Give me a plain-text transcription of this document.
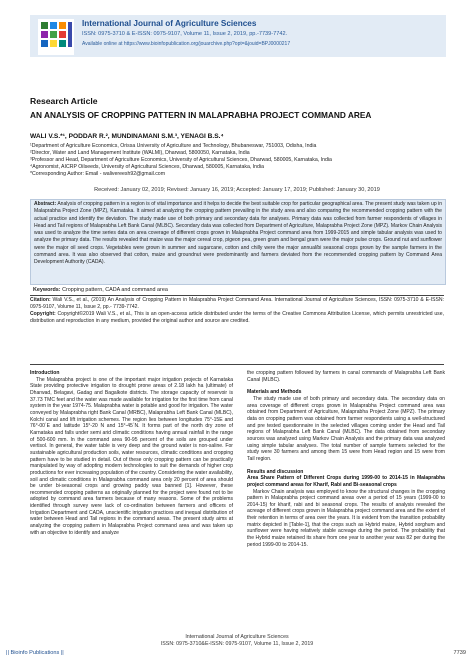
International Journal of Agriculture Sciences
ISSN: 0975-3710 & E-ISSN: 0975-9107, Volume 11, Issue 2, 2019, pp.-7739-7742.
Available online at https://www.bioinfopublication.org/jouarchive.php?opt=&jouid=BPJ0000217
Research Article
AN ANALYSIS OF CROPPING PATTERN IN MALAPRABHA PROJECT COMMAND AREA
WALI V.S.*¹, PODDAR R.², MUNDINAMANI S.M.³, YENAGI B.S.⁴
¹Department of Agriculture Economics, Orissa University of Agriculture and Technology, Bhubaneswar, 751003, Odisha, India
²Director, Water and Land Management Institute (WALMI), Dharwad, 5800050, Karnataka, India
³Professor and Head, Department of Agriculture Economics, University of Agricultural Sciences, Dharwad, 580005, Karnataka, India
⁴Agronomist, AICRP Oilseeds, University of Agricultural Sciences, Dharwad, 580005, Karnataka, India
*Corresponding Author: Email - walivereesh92@gmail.com
Received: January 02, 2019; Revised: January 16, 2019; Accepted: January 17, 2019; Published: January 30, 2019
Abstract: Analysis of cropping pattern in a region is of vital importance and it helps to decide the best suitable crop for particular geographical area. The present study was taken up in Malaprabha Project Zone (MPZ), Karnataka. It aimed at analyzing the cropping pattern prevailing in the study area and also comparing the recommended cropping pattern with the actual practice and identify the deviation. The study made use of both primary and secondary data for analyses. Primary data was collected from farmer respondents of villages in Head and Tail regions of Malaprabha Left Bank Canal (MLBC). Secondary data was collected from Department of Agriculture, Malaprabha Project Zone (MPZ). Markov Chain Analysis was used to analyze the time series data on area coverage of different crops grown in Malaprabha Project command area from 1999-2015 and simple tabular analysis was used to analyze the primary data. The results revealed that maize was the major cereal crop, pigeon pea, green gram and bengal gram were the major pulse crops. Ground nut and sunflower were the major oil seed crops. Vegetables were grown in summer and sugarcane, cotton and chilly were the major annual/bi seasonal crops grown by the sample farmers in the command area. It was also observed that cotton, maize and groundnut were predominantly and farmers deviated from the recommended cropping pattern by Command Area Development Authority (CADA).
Keywords: Cropping pattern, CADA and command area
Citation: Wali V.S., et al., (2019) An Analysis of Cropping Pattern in Malaprabha Project Command Area. International Journal of Agriculture Sciences, ISSN: 0975-3710 & E-ISSN: 0975-9107, Volume 11, Issue 2, pp.- 7739-7742.
Copyright: Copyright©2019 Wali V.S., et al., This is an open-access article distributed under the terms of the Creative Commons Attribution License, which permits unrestricted use, distribution and reproduction in any medium, provided the original author and source are credited.

Introduction

The Malaprabha project is one of the important major irrigation projects of Karnataka State providing protective irrigation to drought prone areas of 2.18 lakh ha (ultimate) of Dharwad, Belagavi, Gadag and Bagalkote districts. The storage capacity of reservoir is 37.73 TMC feet and the water was made available for irrigation for the first time from canal system in the year 1974-75. Malaprabha water is potable and good for irrigation. The water conveyed by Malaprabha right Bank Canal (MRBC), Malaprabha Left Bank Canal (MLBC), Kolchi canal and lift irrigation schemes. The region lies between longitudes 75°-15E and 76°-00´E and latitude 15°-20 N and 15°-45´N. It forms part of the north dry zone of Karnataka and falls under semi arid climatic conditions having annual rainfall in the range of 500-600 mm. In the command area 90-95 percent of the soils are grouped under vertisol. In general, the water table is very deep and the ground water is non-saline. For sustainable agricultural production soils, water resources, climatic conditions and cropping pattern have to be studied in detail. Out of these only cropping pattern can be practically manipulated by way of adopting modern technologies to suit the demands of higher crop productions for ever increasing population of the country. Considering the water availability, soil and climatic conditions in Malaprabha command area only 20 percent of area should be under bi-seasonal crops and growing paddy was banned [1]. However, these recommended cropping patterns as originally planned for the project were found not to be adopted by command area farmers because of many reasons. Some of the problems identified through survey were lack of co-ordination between farmers and officers of Irrigation Department and CADA, unscientific irrigation practices and inequal distribution of water between Head and Tail regions in the command areas. The present study aims at analyzing the cropping pattern in Malaprabha Project command area and was taken up with an objective to identify and analyze

the cropping pattern followed by farmers in canal commands of Malaprabha Left Bank Canal (MLBC).

Materials and Methods

The study made use of both primary and secondary data. The secondary data on area coverage of different crops grown in Malaprabha Project command area was obtained from Department of Agriculture, Malaprabha Project Zone (MPZ). The primary data on cropping pattern was obtained from farmer respondents using a well-structured and pre tested questionnaire in the selected villages coming under the Head and Tail regions of Malaprabha Left Bank Canal (MLBC). The data obtained from secondary sources was analyzed using Markov Chain Analysis and the primary data was analyzed using simple tabular analyses. The total number of sample farmers selected for the study were 30 farmers and among them 15 were from Head region and 15 were from Tail region.

Results and discussion

Area Share Pattern of Different Crops during 1999-00 to 2014-15 in Malaprabha project command areas for Kharif, Rabi and Bi-seasonal crops

Markov Chain analysis was employed to know the structural changes in the cropping pattern in Malaprabha project command areas over a period of 15 years (1999-00 to 2014-15) for kharif, rabi and bi seasonal crops. The results of analysis revealed the acreage of different crops grown in Malaprabha project command area and the extent of their retention in terms of area over the years. It is evident from the transition probability matrix depicted in [Table-1], that the crops such as Hybrid maize, Hybrid sorghum and sunflower were having relatively stable acreage during the period. The probability that the Hybrid maize retained its share from one year to another year was 82 per during the period 1999-00 to 2014-15.

International Journal of Agriculture Sciences
ISSN: 0975-3710&E-ISSN: 0975-9107, Volume 11, Issue 2, 2019
|| Bioinfo Publications ||	7739
